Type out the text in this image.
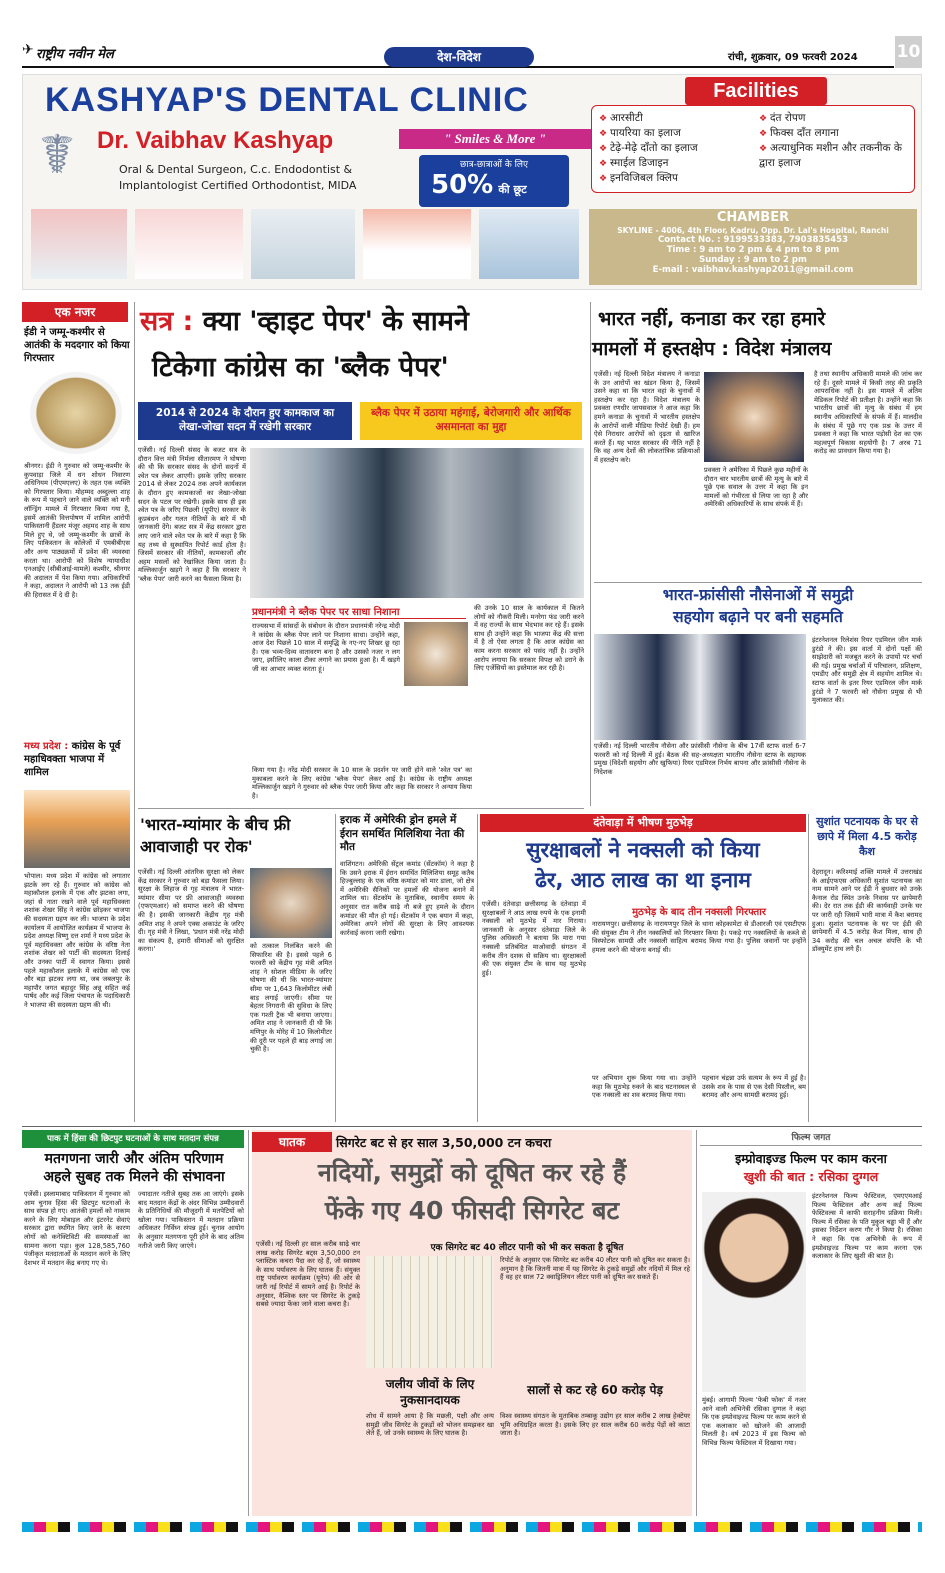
✈ राष्ट्रीय नवीन मेल	देश-विदेश	रांची, शुक्रवार, 09 फरवरी 2024 10
☤
KASHYAP'S DENTAL CLINIC
Dr. Vaibhav Kashyap	" Smiles & More "
Oral & Dental Surgeon, C.c. Endodontist &
Implantologist Certified Orthodontist, MIDA
छात्र-छात्राओं के लिए
50% की छूट
Facilities
❖ आरसीटी
❖ पायरिया का इलाज
❖ टेढ़े-मेढ़े दाँतो का इलाज
❖ स्माईल डिजाइन
❖ इनविजिबल क्लिप
❖ दंत रोपण
❖ फिक्स दाँत लगाना
❖ अत्याधुनिक मशीन और तकनीक के द्वारा इलाज
CHAMBER
SKYLINE - 4006, 4th Floor, Kadru, Opp. Dr. Lal's Hospital, Ranchi
Contact No. : 9199533383, 7903835453
Time : 9 am to 2 pm & 4 pm to 8 pm
Sunday : 9 am to 2 pm
E-mail : vaibhav.kashyap2011@gmail.com
एक नजर
ईडी ने जम्मू-कश्मीर से आतंकी के मददगार को किया गिरफ्तार
श्रीनगर। ईडी ने गुरुवार को जम्मू-कश्मीर के कुपवाड़ा जिले में धन शोधन निवारण अधिनियम (पीएमएलए) के तहत एक व्यक्ति को गिरफ्तार किया। मोहम्मद अब्दुल्ला शाह के रूप में पहचाने जाने वाले व्यक्ति को मनी लॉन्ड्रिंग मामले में गिरफ्तार किया गया है, इसमें आतंकी वित्तपोषण में शामिल आरोपी पाकिस्तानी हैंडलर मंजूर अहमद शाह के साथ मिले हुए थे, जो जम्मू-कश्मीर के छात्रों के लिए पाकिस्तान के कॉलेजों में एमबीबीएस और अन्य पाठ्यक्रमों में प्रवेश की व्यवस्था करता था। आरोपी को विशेष न्यायाधीश एनआईए (सीबीआई-मामले) कश्मीर, श्रीनगर की अदालत में पेश किया गया। अधिकारियों ने कहा, अदालत ने आरोपी को 13 तक ईडी की हिरासत में दे दी है।
मध्य प्रदेश : कांग्रेस के पूर्व महाधिवक्ता भाजपा में शामिल
भोपाल। मध्य प्रदेश में कांग्रेस को लगातार झटके लग रहे हैं। गुरुवार को कांग्रेस को महाकौशल इलाके में एक और झटका लगा, जहां से नाता रखने वाले पूर्व महाधिवक्ता शशांक शेखर सिंह ने कांग्रेस छोड़कर भाजपा की सदस्यता ग्रहण कर ली। भाजपा के प्रदेश कार्यालय में आयोजित कार्यक्रम में भाजपा के प्रदेश अध्यक्ष विष्णु दत्त शर्मा ने मध्य प्रदेश के पूर्व महाधिवक्ता और कांग्रेस के वरिष्ठ नेता शशांक शेखर को पार्टी की सदस्यता दिलाई और उनका पार्टी में स्वागत किया। इससे पहले महाकौशल इलाके में कांग्रेस को एक और बड़ा झटका लगा था, जब जबलपुर के महापौर जगत बहादुर सिंह अन्नू सहित कई पार्षद और कई जिला पंचायत के पदाधिकारी ने भाजपा की सदस्यता ग्रहण की थी।
सत्र : क्या 'व्हाइट पेपर' के सामने
टिकेगा कांग्रेस का 'ब्लैक पेपर'
2014 से 2024 के दौरान हुए कामकाज का लेखा-जोखा सदन में रखेगी सरकार
ब्लैक पेपर में उठाया महंगाई, बेरोजगारी और आर्थिक असमानता का मुद्दा
एजेंसी। नई दिल्ली संसद के बजट सत्र के दौरान वित्त मंत्री निर्मला सीतारमण ने घोषणा की थी कि सरकार संसद के दोनों सदनों में श्वेत पत्र लेकर आएगी। इसके ज़रिए सरकार 2014 से लेकर 2024 तक अपने कार्यकाल के दौरान हुए कामकाजों का लेखा-जोखा सदन के पटल पर रखेगी। इसके साथ ही इस श्वेत पत्र के जरिए पिछली (यूपीए) सरकार के कुप्रबंधन और गलत नीतियों के बारे में भी जानकारी देंगे। बजट सत्र में केंद्र सरकार द्वारा लाए जाने वाले श्वेत पत्र के बारे में कहा है कि यह तथ्य से सुस्थापित रिपोर्ट कार्ड होता है। जिसमें सरकार की नीतियों, कामकाजों और अहम मसलों को रेखांकित किया जाता है। मल्लिकार्जुन खड़गे ने कहा है कि सरकार ने 'ब्लैक पेपर' जारी करने का फैसला किया है।
प्रधानमंत्री ने ब्लैक पेपर पर साधा निशाना
राज्यसभा में सांसदों के संबोधन के दौरान प्रधानमंत्री नरेन्द्र मोदी ने कांग्रेस के ब्लैक पेपर लाने पर निशाना साधा। उन्होंने कहा, आज देश पिछले 10 साल में समृद्धि के नए-नए शिखर छू रहा है। एक भव्य-दिव्य वातावरण बना है और उसको नजर न लग जाए, इसीलिए काला टीका लगाने का प्रयास हुआ है। मैं खड़गे जी का आभार व्यक्त करता हूं।
की उनके 10 साल के कार्यकाल में कितने लोगों को नौकरी मिली। मनरेगा फंड जारी करने में वह राज्यों के साथ भेदभाव कर रहे हैं। इसके साथ ही उन्होंने कहा कि भाजपा केंद्र की सत्ता में है तो ऐसा लगता है कि आज कांग्रेस का काम करना सरकार को पसंद नहीं है। उन्होंने आरोप लगाया कि सरकार विपक्ष को डराने के लिए एजेंसियों का इस्तेमाल कर रही है।
किया गया है। नरेंद्र मोदी सरकार के 10 साल के प्रदर्शन पर जारी होने वाले 'श्वेत पत्र' का मुकाबला करने के लिए कांग्रेस 'ब्लैक पेपर' लेकर आई है। कांग्रेस के राष्ट्रीय अध्यक्ष मल्लिकार्जुन खड़गे ने गुरुवार को ब्लैक पेपर जारी किया और कहा कि सरकार ने अन्याय किया है।
'भारत-म्यांमार के बीच फ्री आवाजाही पर रोक'
एजेंसी। नई दिल्ली आंतरिक सुरक्षा को लेकर केंद्र सरकार ने गुरुवार को बड़ा फैसला लिया। सुरक्षा के लिहाज से गृह मंत्रालय ने भारत-म्यांमार सीमा पर फ्री आवाजाही व्यवस्था (एफएमआर) को समाप्त करने की घोषणा की है। इसकी जानकारी केंद्रीय गृह मंत्री अमित शाह ने अपने एक्स अकाउंट के जरिए दी। गृह मंत्री ने लिखा, 'प्रधान मंत्री नरेंद्र मोदी का संकल्प है, हमारी सीमाओं को सुरक्षित करना।'	को तत्काल निलंबित करने की सिफारिश की है। इससे पहले 6 फरवरी को केंद्रीय गृह मंत्री अमित शाह ने सोशल मीडिया के जरिए घोषणा की थी कि भारत-म्यांमार सीमा पर 1,643 किलोमीटर लंबी बाड़ लगाई जाएगी। सीमा पर बेहतर निगरानी की सुविधा के लिए एक गश्ती ट्रैक भी बनाया जाएगा। अमित शाह ने जानकारी दी थी कि मणिपुर के मोरेह में 10 किलोमीटर की दूरी पर पहले ही बाड़ लगाई जा चुकी है।
इराक में अमेरिकी ड्रोन हमले में ईरान समर्थित मिलिशिया नेता की मौत
वाशिंगटन। अमेरिकी सेंट्रल कमांड (सेंटकॉम) ने कहा है कि उसने इराक में ईरान समर्थित मिलिशिया समूह कतैब हिज्बुल्लाह के एक वरिष्ठ कमांडर को मार डाला, जो क्षेत्र में अमेरिकी सैनिकों पर हमलों की योजना बनाने में शामिल था। सेंटकॉम के मुताबिक, स्थानीय समय के अनुसार रात करीब साढ़े नौ बजे हुए हमले के दौरान कमांडर की मौत हो गई। सेंटकॉम ने एक बयान में कहा, अमेरिका अपने लोगों की सुरक्षा के लिए आवश्यक कार्रवाई करना जारी रखेगा।
भारत नहीं, कनाडा कर रहा हमारे
मामलों में हस्तक्षेप : विदेश मंत्रालय
एजेंसी। नई दिल्ली विदेश मंत्रालय ने कनाडा के उन आरोपों का खंडन किया है, जिसमें उसने कहा था कि भारत वहां के चुनावों में हस्तक्षेप कर रहा है। विदेश मंत्रालय के प्रवक्ता रणधीर जायसवाल ने आज कहा कि हमने कनाडा के चुनावों में भारतीय हस्तक्षेप के आरोपों वाली मीडिया रिपोर्ट देखी हैं। हम ऐसे निराधार आरोपों को दृढ़ता से खारिज करते हैं। यह भारत सरकार की नीति नहीं है कि वह अन्य देशों की लोकतांत्रिक प्रक्रियाओं में हस्तक्षेप करे।
प्रवक्ता ने अमेरिका में पिछले कुछ महीनों के दौरान चार भारतीय छात्रों की मृत्यु के बारे में पूछे एक सवाल के उत्तर में कहा कि इन मामलों को गंभीरता से लिया जा रहा है और अमेरिकी अधिकारियों के साथ संपर्क में हैं।
है तथा स्थानीय अधिकारी मामले की जांच कर रहे हैं। दूसरे मामले में किसी तरह की प्रकृति आपराधिक नहीं है। इस मामले में अंतिम मेडिकल रिपोर्ट की प्रतीक्षा है। उन्होंने कहा कि भारतीय छात्रों की मृत्यु के संबंध में हम स्थानीय अधिकारियों के संपर्क में हैं। मालदीव के संबंध में पूछे गए एक प्रश्न के उत्तर में प्रवक्ता ने कहा कि भारत पड़ोसी देश का एक महत्वपूर्ण विकास सहयोगी है। 7 अरब 71 करोड़ का प्रावधान किया गया है।
भारत-फ्रांसीसी नौसेनाओं में समुद्री
सहयोग बढ़ाने पर बनी सहमति
एजेंसी। नई दिल्ली भारतीय नौसेना और फ्रांसीसी नौसेना के बीच 17वीं स्टाफ वार्ता 6-7 फरवरी को नई दिल्ली में हुई। बैठक की सह-अध्यक्षता भारतीय नौसेना स्टाफ के सहायक प्रमुख (विदेशी सहयोग और खुफिया) रियर एडमिरल निर्भय बापना और फ्रांसीसी नौसेना के निदेशक
इंटरनेशनल रिलेशंस रियर एडमिरल जीन मार्क डुरंडो ने की। इस वार्ता में दोनों पक्षों की साझेदारी को मजबूत करने के उपायों पर चर्चा की गई। प्रमुख चर्चाओं में परिचालन, प्रशिक्षण, एमडीए और समुद्री क्षेत्र में सहयोग शामिल थे। स्टाफ वार्ता के इतर रियर एडमिरल जीन मार्क डुरंडो ने 7 फरवरी को नौसेना प्रमुख से भी मुलाकात की।
दंतेवाड़ा में भीषण मुठभेड़
सुरक्षाबलों ने नक्सली को किया
ढेर, आठ लाख का था इनाम
एजेंसी। दंतेवाड़ा छत्तीसगढ़ के दंतेवाड़ा में सुरक्षाबलों ने आठ लाख रुपये के एक इनामी नक्सली को मुठभेड़ में मार गिराया। जानकारी के अनुसार दंतेवाड़ा जिले के पुलिस अधिकारी ने बताया कि मारा गया नक्सली प्रतिबंधित माओवादी संगठन में करीब तीन दशक से सक्रिय था। सुरक्षाबलों की एक संयुक्त टीम के साथ यह मुठभेड़ हुई।
मुठभेड़ के बाद तीन नक्सली गिरफ्तार
नारायणपुर। छत्तीसगढ़ के नारायणपुर जिले के थाना कोहकामेटा से डीआरजी एवं एसटीएफ की संयुक्त टीम ने तीन नक्सलियों को गिरफ्तार किया है। पकड़े गए नक्सलियों के कब्जे से विस्फोटक सामग्री और नक्सली साहित्य बरामद किया गया है। पुलिस जवानों पर इन्होंने हमला करने की योजना बनाई थी।
पर अभियान शुरू किया गया था। उन्होंने कहा कि मुठभेड़ रुकने के बाद घटनास्थल से एक नक्सली का शव बरामद किया गया।
पहचान चंद्रन्ना उर्फ सत्यम के रूप में हुई है। उसके शव के पास से एक देसी पिस्तौल, बम बरामद और अन्य सामग्री बरामद हुई।
सुशांत पटनायक के घर से छापे में मिला 4.5 करोड़ कैश
देहरादून। करिश्माई शक्ति मामले में उत्तराखंड के आईएफएस अधिकारी सुशांत पटनायक का नाम सामने आने पर ईडी ने बुधवार को उनके कैनाल रोड स्थित उनके निवास पर छापेमारी की। देर रात तक ईडी की कार्यवाही उनके घर पर जारी रही जिसमें भारी मात्रा में कैश बरामद हुआ। सुशांत पटनायक के घर पर ईडी की छापेमारी में 4.5 करोड़ कैश मिला, साथ ही 34 करोड़ की चल अचल संपत्ति के भी डॉक्युमेंट हाथ लगे हैं।
पाक में हिंसा की छिटपुट घटनाओं के साथ मतदान संपन्न
मतगणना जारी और अंतिम परिणाम
अहले सुबह तक मिलने की संभावना
एजेंसी। इस्लामाबाद पाकिस्तान में गुरुवार को आम चुनाव हिंसा की छिटपुट घटनाओं के साथ संपन्न हो गए। आतंकी हमलों को नाकाम करने के लिए मोबाइल और इंटरनेट सेवाएं सरकार द्वारा स्थगित किए जाने के कारण लोगों को कनेक्टिविटी की समस्याओं का सामना करना पड़ा। कुल 128,585,760 पंजीकृत मतदाताओं के मतदान करने के लिए देशभर में मतदान केंद्र बनाए गए थे।
ज्यादातर नतीजे सुबह तक आ जाएंगे। इसके बाद मतदान केंद्रों के अंदर विभिन्न उम्मीदवारों के प्रतिनिधियों की मौजूदगी में मतपेटियों को खोला गया। पाकिस्तान में मतदान प्रक्रिया अधिकतर निर्विघ्न संपन्न हुई। चुनाव आयोग के अनुसार मतगणना पूरी होने के बाद अंतिम नतीजे जारी किए जाएंगे।
घातक	सिगरेट बट से हर साल 3,50,000 टन कचरा
नदियों, समुद्रों को दूषित कर रहे हैं
फेंके गए 40 फीसदी सिगरेट बट
एजेंसी। नई दिल्ली हर साल करीब साढ़े चार लाख करोड़ सिगरेट बट्स 3,50,000 टन प्लास्टिक कचरा पैदा कर रहे हैं, जो स्वास्थ्य के साथ पर्यावरण के लिए घातक हैं। संयुक्त राष्ट्र पर्यावरण कार्यक्रम (यूनेप) की ओर से जारी नई रिपोर्ट में सामने आई है। रिपोर्ट के अनुसार, वैश्विक स्तर पर सिगरेट के टुकड़े सबसे ज्यादा फेंका जाने वाला कचरा है।
एक सिगरेट बट 40 लीटर पानी को भी कर सकता है दूषित
रिपोर्ट के अनुसार एक सिगरेट बट करीब 40 लीटर पानी को दूषित कर सकता है। अनुमान है कि जितनी मात्रा में यह सिगरेट के टुकड़े समुद्रों और नदियों में मिल रहे हैं वह हर साल 72 क्वाड्रिलियन लीटर पानी को दूषित कर सकते हैं।
जलीय जीवों के लिए नुकसानदायक
शोध में सामने आया है कि मछली, पक्षी और अन्य समुद्री जीव सिगरेट के टुकड़ों को भोजन समझकर खा लेते हैं, जो उनके स्वास्थ्य के लिए घातक है।
सालों से कट रहे 60 करोड़ पेड़
विश्व स्वास्थ्य संगठन के मुताबिक तम्बाकू उद्योग हर साल करीब 2 लाख हेक्टेयर भूमि अधिग्रहित करता है। इसके लिए हर साल करीब 60 करोड़ पेड़ों को काटा जाता है।
फिल्म जगत
इम्प्रोवाइज्ड फिल्म पर काम करना
खुशी की बात : रसिका दुग्गल
इंटरनेशनल फिल्म फेस्टिवल, एमएएमआई फिल्म फेस्टिवल और अन्य कई फिल्म फेस्टिवल्स में काफी सराहनीय प्रक्रिया मिली। फिल्म में रसिका के पति मुकुल चड्ढा भी हैं और इसका निर्देशन करण गौर ने किया है। रसिका ने कहा कि एक अभिनेत्री के रूप में इम्प्रोवाइज्ड फिल्म पर काम करना एक कलाकार के लिए खुशी की बात है।
मुंबई। आगामी फिल्म 'फेबी फोक' में नजर आने वाली अभिनेत्री रसिका दुग्गल ने कहा कि एक इम्प्रोवाइज्ड फिल्म पर काम करने से एक कलाकार को खोजने की आजादी मिलती है। वर्ष 2023 में इस फिल्म को विभिन्न फिल्म फेस्टिवल में दिखाया गया।
